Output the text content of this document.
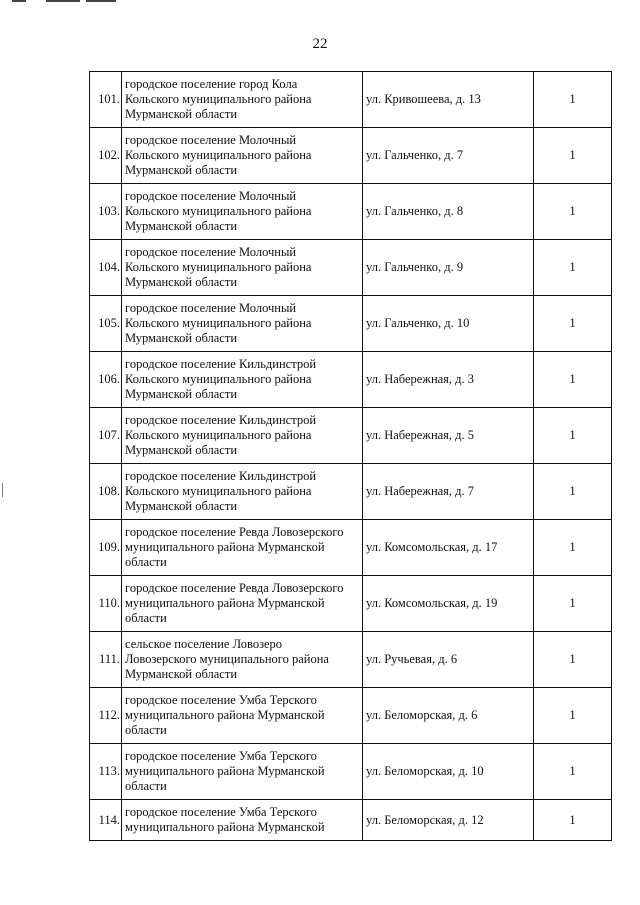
22
101.	городское поселение город Кола
Кольского муниципального района
Мурманской области	ул. Кривошеева, д. 13	1
102.	городское поселение Молочный
Кольского муниципального района
Мурманской области	ул. Гальченко, д. 7	1
103.	городское поселение Молочный
Кольского муниципального района
Мурманской области	ул. Гальченко, д. 8	1
104.	городское поселение Молочный
Кольского муниципального района
Мурманской области	ул. Гальченко, д. 9	1
105.	городское поселение Молочный
Кольского муниципального района
Мурманской области	ул. Гальченко, д. 10	1
106.	городское поселение Кильдинстрой
Кольского муниципального района
Мурманской области	ул. Набережная, д. 3	1
107.	городское поселение Кильдинстрой
Кольского муниципального района
Мурманской области	ул. Набережная, д. 5	1
108.	городское поселение Кильдинстрой
Кольского муниципального района
Мурманской области	ул. Набережная, д. 7	1
109.	городское поселение Ревда Ловозерского
муниципального района Мурманской
области	ул. Комсомольская, д. 17	1
110.	городское поселение Ревда Ловозерского
муниципального района Мурманской
области	ул. Комсомольская, д. 19	1
111.	сельское поселение Ловозеро
Ловозерского муниципального района
Мурманской области	ул. Ручьевая, д. 6	1
112.	городское поселение Умба Терского
муниципального района Мурманской
области	ул. Беломорская, д. 6	1
113.	городское поселение Умба Терского
муниципального района Мурманской
области	ул. Беломорская, д. 10	1
114.	городское поселение Умба Терского
муниципального района Мурманской	ул. Беломорская, д. 12	1
